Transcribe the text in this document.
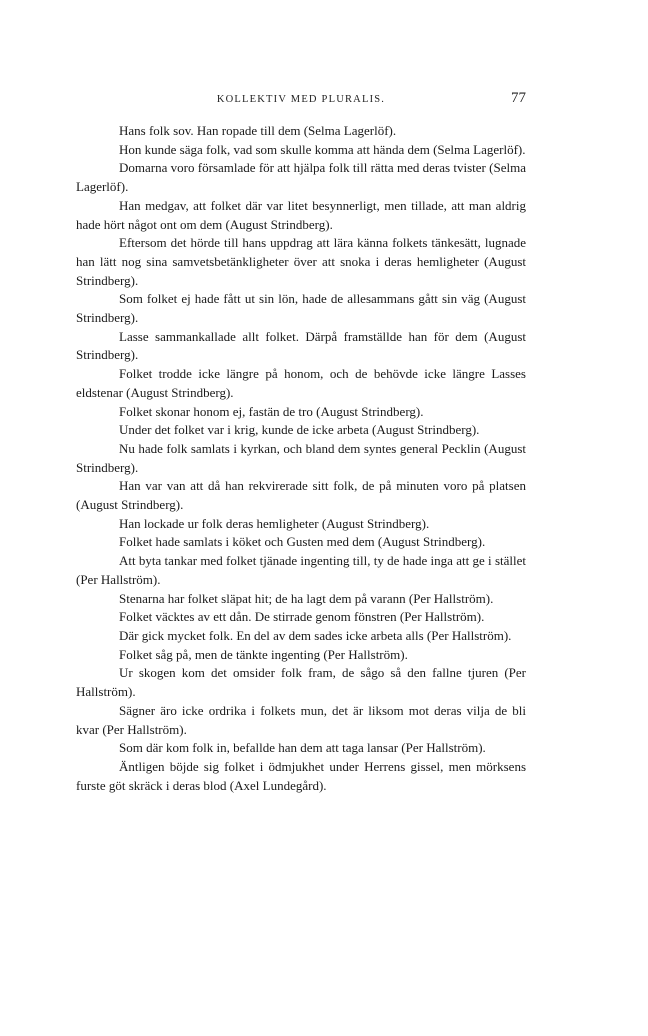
KOLLEKTIV MED PLURALIS.	77

Hans folk sov. Han ropade till dem (Selma Lagerlöf).

Hon kunde säga folk, vad som skulle komma att hända dem (Selma Lagerlöf).

Domarna voro församlade för att hjälpa folk till rätta med deras tvister (Selma Lagerlöf).

Han medgav, att folket där var litet besynnerligt, men tillade, att man aldrig hade hört något ont om dem (August Strindberg).

Eftersom det hörde till hans uppdrag att lära känna folkets tänkesätt, lugnade han lätt nog sina samvetsbetänkligheter över att snoka i deras hemligheter (August Strindberg).

Som folket ej hade fått ut sin lön, hade de allesammans gått sin väg (August Strindberg).

Lasse sammankallade allt folket. Därpå framställde han för dem (August Strindberg).

Folket trodde icke längre på honom, och de behövde icke längre Lasses eldstenar (August Strindberg).

Folket skonar honom ej, fastän de tro (August Strindberg).

Under det folket var i krig, kunde de icke arbeta (August Strindberg).

Nu hade folk samlats i kyrkan, och bland dem syntes general Pecklin (August Strindberg).

Han var van att då han rekvirerade sitt folk, de på minuten voro på platsen (August Strindberg).

Han lockade ur folk deras hemligheter (August Strindberg).

Folket hade samlats i köket och Gusten med dem (August Strindberg).

Att byta tankar med folket tjänade ingenting till, ty de hade inga att ge i stället (Per Hallström).

Stenarna har folket släpat hit; de ha lagt dem på varann (Per Hallström).

Folket väcktes av ett dån. De stirrade genom fönstren (Per Hallström).

Där gick mycket folk. En del av dem sades icke arbeta alls (Per Hallström).

Folket såg på, men de tänkte ingenting (Per Hallström).

Ur skogen kom det omsider folk fram, de sågo så den fallne tjuren (Per Hallström).

Sägner äro icke ordrika i folkets mun, det är liksom mot deras vilja de bli kvar (Per Hallström).

Som där kom folk in, befallde han dem att taga lansar (Per Hallström).

Äntligen böjde sig folket i ödmjukhet under Herrens gissel, men mörksens furste göt skräck i deras blod (Axel Lundegård).
